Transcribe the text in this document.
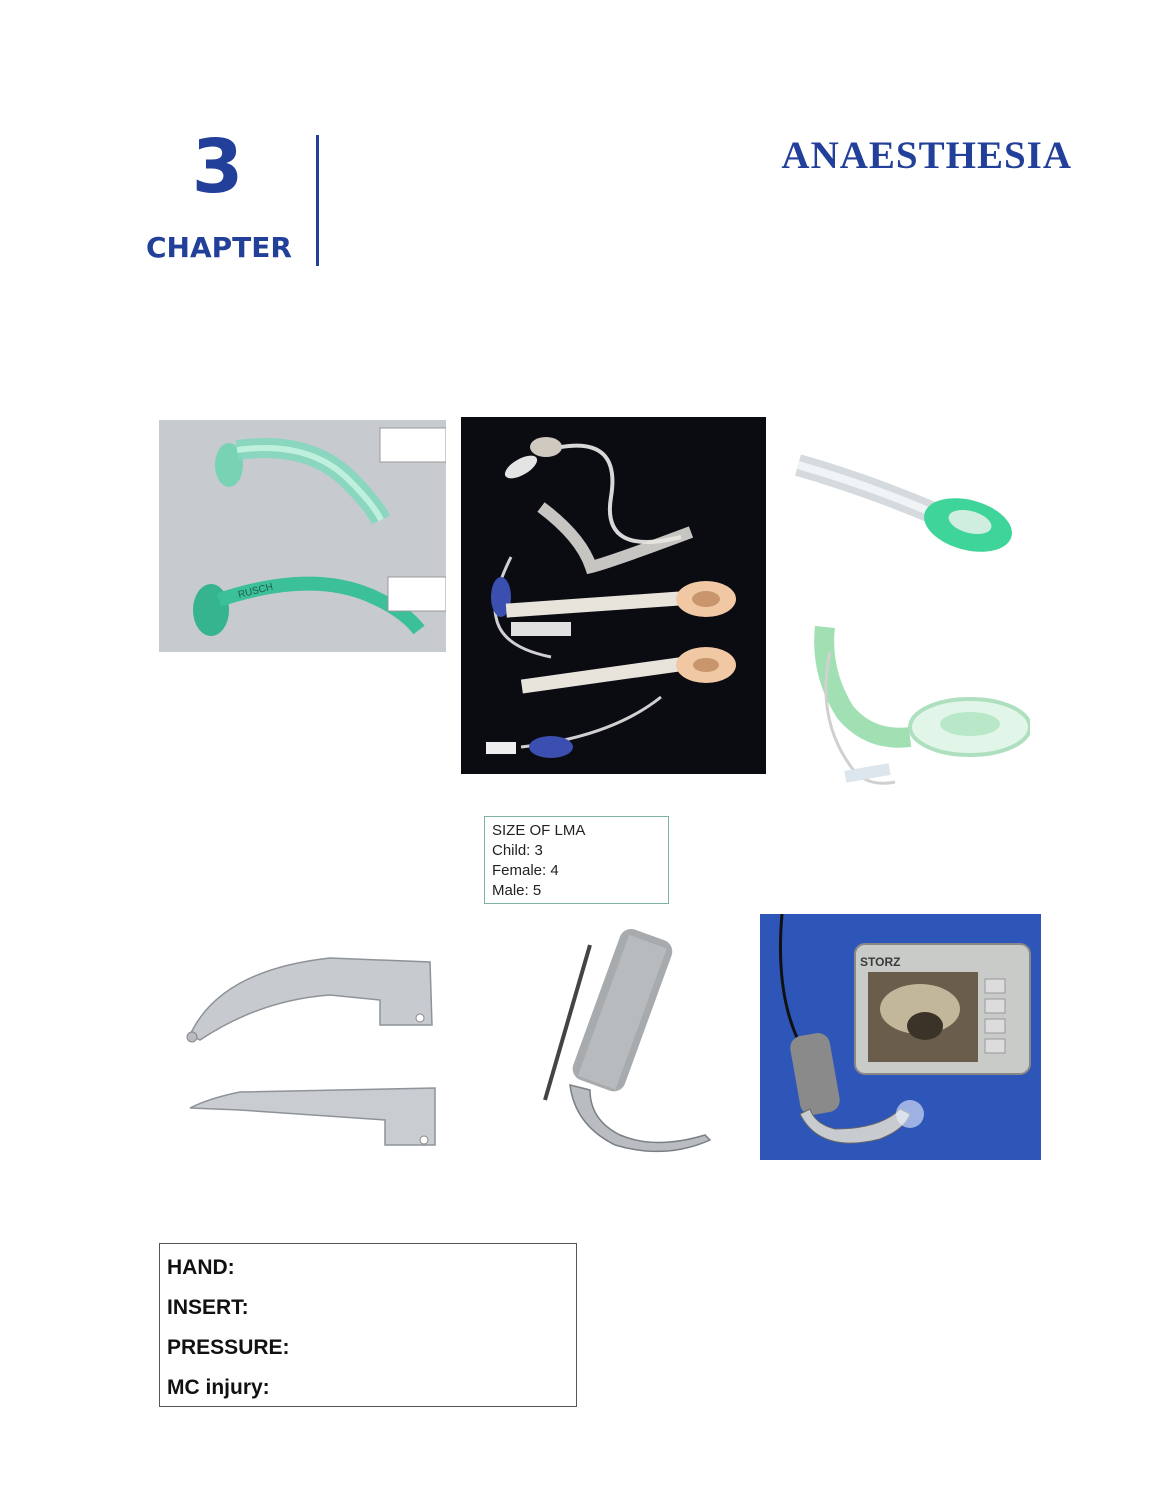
3
CHAPTER
ANAESTHESIA
RUSCH
SIZE OF LMA
Child: 3
Female: 4
Male: 5
STORZ
HAND:
INSERT:
PRESSURE:
MC injury:
